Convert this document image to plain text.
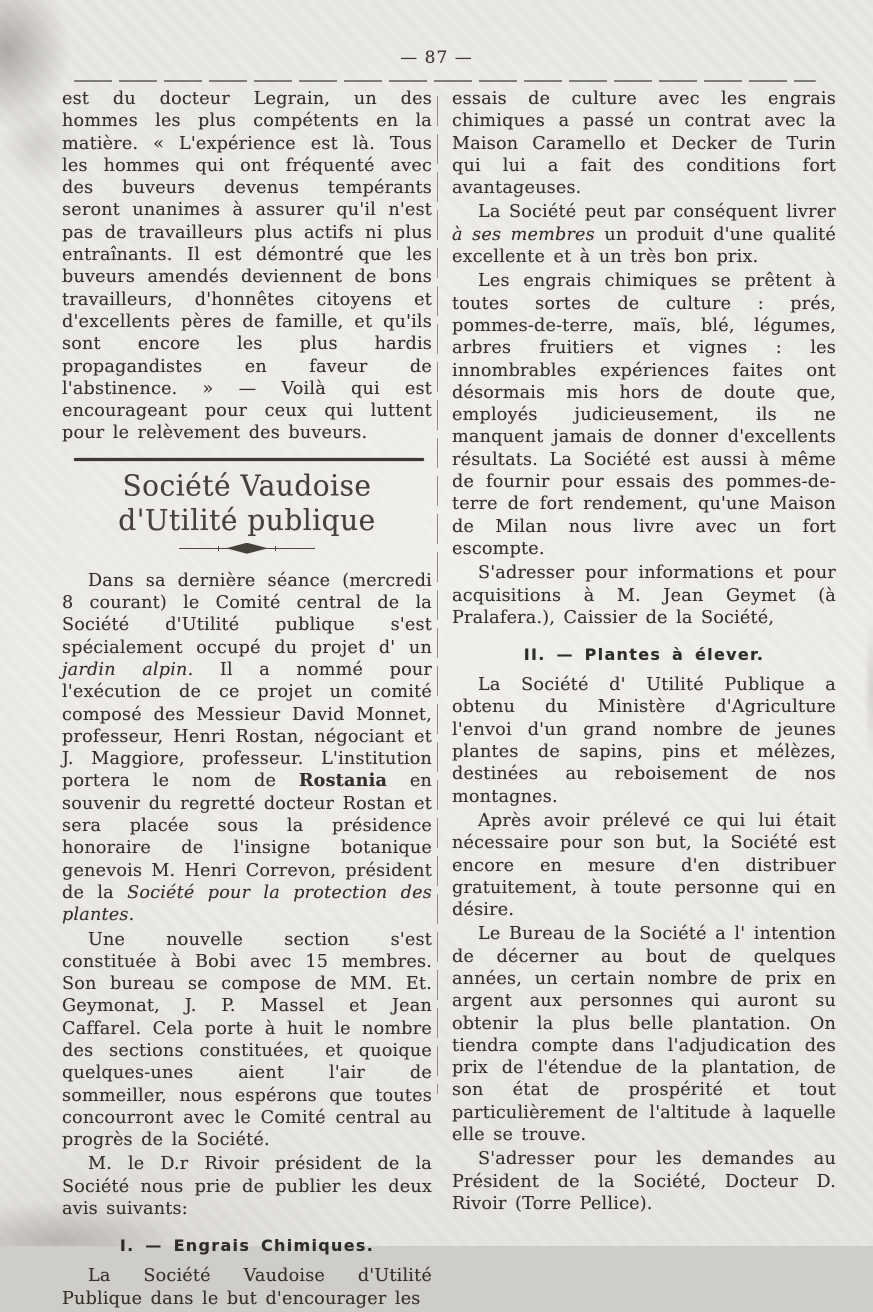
— 87 —

est du docteur Legrain, un des hommes les plus compétents en la matière. « L'expérience est là. Tous les hommes qui ont fréquenté avec des buveurs devenus tempérants seront unanimes à assurer qu'il n'est pas de travailleurs plus actifs ni plus entraînants. Il est démontré que les buveurs amendés deviennent de bons travailleurs, d'honnêtes citoyens et d'excellents pères de famille, et qu'ils sont encore les plus hardis propagandistes en faveur de l'abstinence. » — Voilà qui est encourageant pour ceux qui luttent pour le relèvement des buveurs.

Société Vaudoise d'Utilité publique

Dans sa dernière séance (mercredi 8 courant) le Comité central de la Société d'Utilité publique s'est spécialement occupé du projet d' un jardin alpin. Il a nommé pour l'exécution de ce projet un comité composé des Messieur David Monnet, professeur, Henri Rostan, négociant et J. Maggiore, professeur. L'institution portera le nom de Rostania en souvenir du regretté docteur Rostan et sera placée sous la présidence honoraire de l'insigne botanique genevois M. Henri Correvon, président de la Société pour la protection des plantes.

Une nouvelle section s'est constituée à Bobi avec 15 membres. Son bureau se compose de MM. Et. Geymonat, J. P. Massel et Jean Caffarel. Cela porte à huit le nombre des sections constituées, et quoique quelques-unes aient l'air de sommeiller, nous espérons que toutes concourront avec le Comité central au progrès de la Société.

M. le D.r Rivoir président de la Société nous prie de publier les deux avis suivants:

I. — Engrais Chimiques.

La Société Vaudoise d'Utilité Publique dans le but d'encourager les

essais de culture avec les engrais chimiques a passé un contrat avec la Maison Caramello et Decker de Turin qui lui a fait des conditions fort avantageuses.

La Société peut par conséquent livrer à ses membres un produit d'une qualité excellente et à un très bon prix.

Les engrais chimiques se prêtent à toutes sortes de culture : prés, pommes-de-terre, maïs, blé, légumes, arbres fruitiers et vignes : les innombrables expériences faites ont désormais mis hors de doute que, employés judicieusement, ils ne manquent jamais de donner d'excellents résultats. La Société est aussi à même de fournir pour essais des pommes-de-terre de fort rendement, qu'une Maison de Milan nous livre avec un fort escompte.

S'adresser pour informations et pour acquisitions à M. Jean Geymet (à Pralafera.), Caissier de la Société,

II. — Plantes à élever.

La Société d' Utilité Publique a obtenu du Ministère d'Agriculture l'envoi d'un grand nombre de jeunes plantes de sapins, pins et mélèzes, destinées au reboisement de nos montagnes.

Après avoir prélevé ce qui lui était nécessaire pour son but, la Société est encore en mesure d'en distribuer gratuitement, à toute personne qui en désire.

Le Bureau de la Société a l' intention de décerner au bout de quelques années, un certain nombre de prix en argent aux personnes qui auront su obtenir la plus belle plantation. On tiendra compte dans l'adjudication des prix de l'étendue de la plantation, de son état de prospérité et tout particulièrement de l'altitude à laquelle elle se trouve.

S'adresser pour les demandes au Président de la Société, Docteur D. Rivoir (Torre Pellice).
